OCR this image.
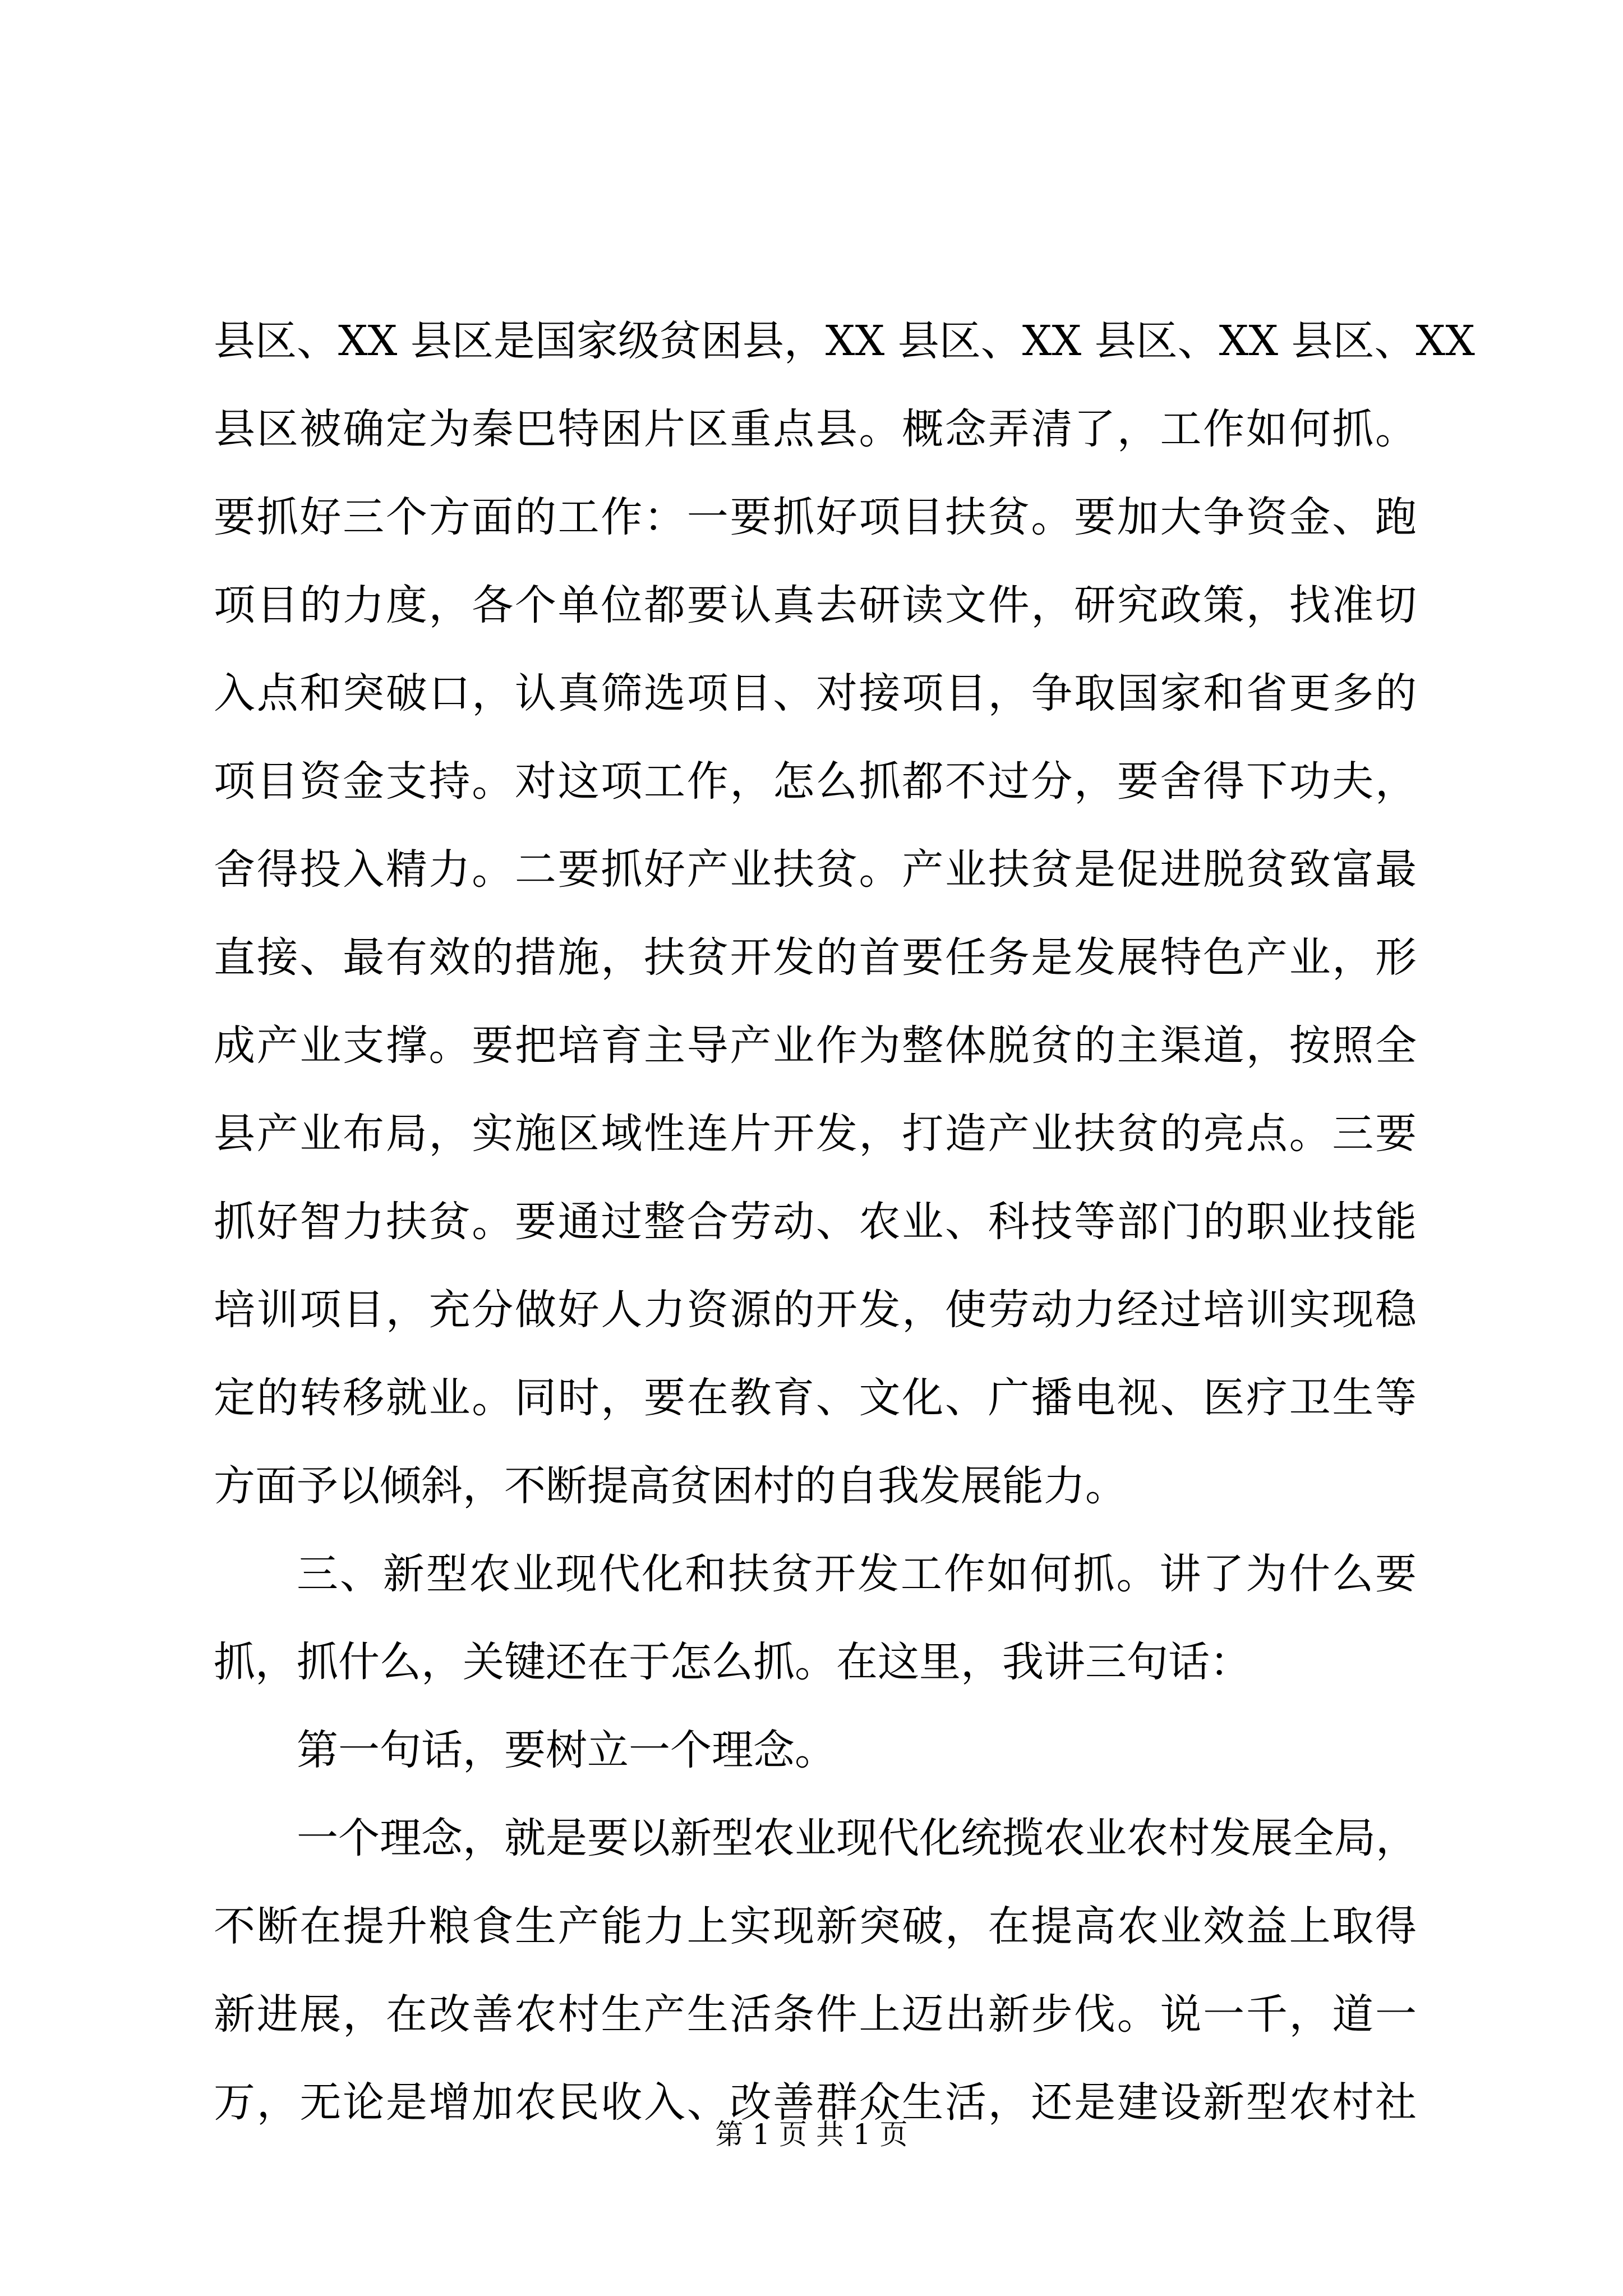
县区、XX 县区是国家级贫困县，XX 县区、XX 县区、XX 县区、XX
县区被确定为秦巴特困片区重点县。概念弄清了，工作如何抓。
要抓好三个方面的工作：一要抓好项目扶贫。要加大争资金、跑
项目的力度，各个单位都要认真去研读文件，研究政策，找准切
入点和突破口，认真筛选项目、对接项目，争取国家和省更多的
项目资金支持。对这项工作，怎么抓都不过分，要舍得下功夫，
舍得投入精力。二要抓好产业扶贫。产业扶贫是促进脱贫致富最
直接、最有效的措施，扶贫开发的首要任务是发展特色产业，形
成产业支撑。要把培育主导产业作为整体脱贫的主渠道，按照全
县产业布局，实施区域性连片开发，打造产业扶贫的亮点。三要
抓好智力扶贫。要通过整合劳动、农业、科技等部门的职业技能
培训项目，充分做好人力资源的开发，使劳动力经过培训实现稳
定的转移就业。同时，要在教育、文化、广播电视、医疗卫生等
方面予以倾斜，不断提高贫困村的自我发展能力。
三、新型农业现代化和扶贫开发工作如何抓。讲了为什么要
抓，抓什么，关键还在于怎么抓。在这里，我讲三句话：
第一句话，要树立一个理念。
一个理念，就是要以新型农业现代化统揽农业农村发展全局，
不断在提升粮食生产能力上实现新突破，在提高农业效益上取得
新进展，在改善农村生产生活条件上迈出新步伐。说一千，道一
万，无论是增加农民收入、改善群众生活，还是建设新型农村社
第 1 页 共 1 页
